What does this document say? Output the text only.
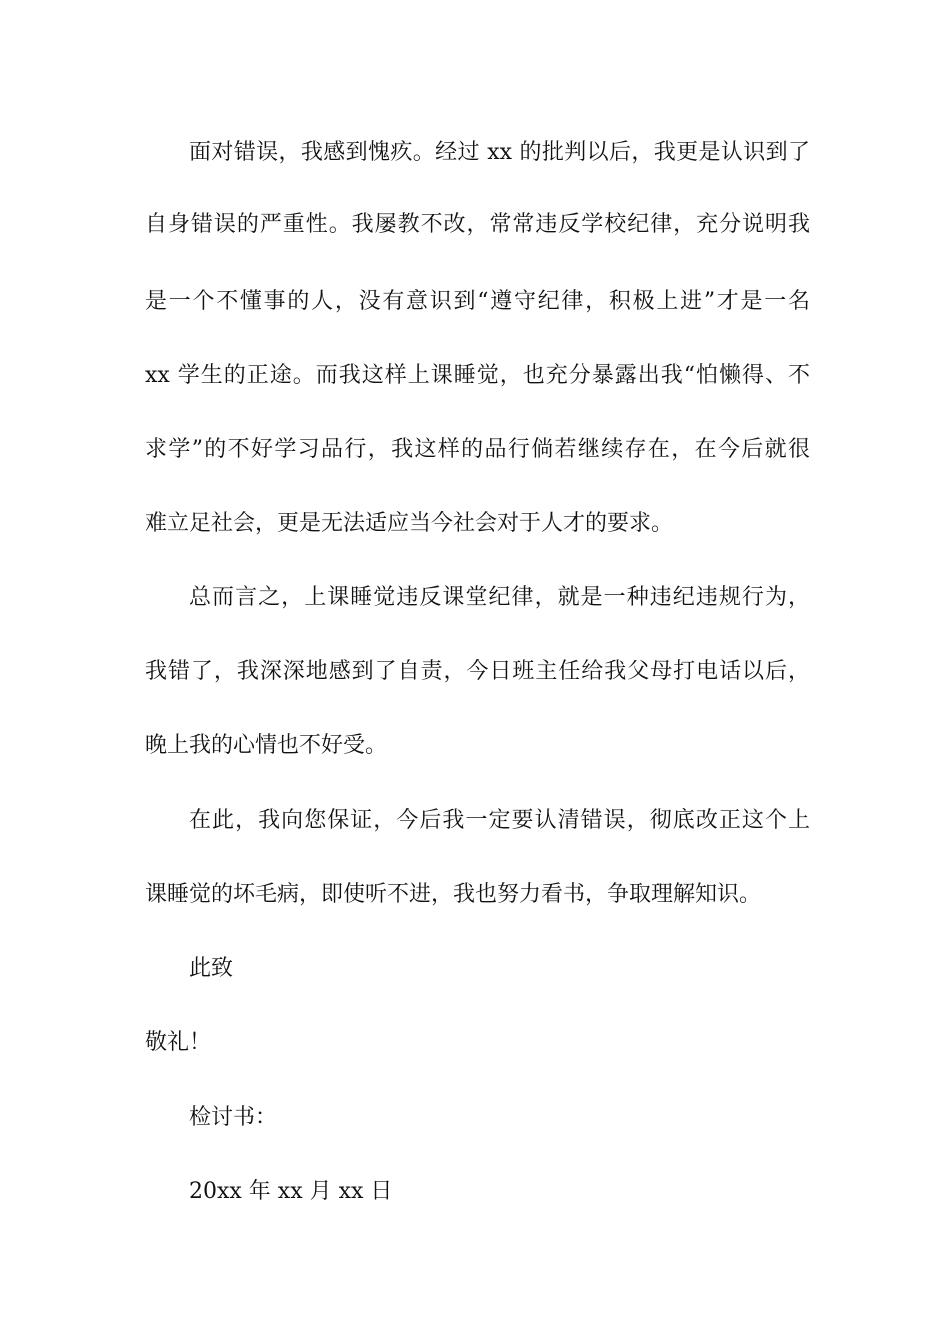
面对错误，我感到愧疚。经过 xx 的批判以后，我更是认识到了
自身错误的严重性。我屡教不改，常常违反学校纪律，充分说明我
是一个不懂事的人，没有意识到“遵守纪律，积极上进”才是一名
xx 学生的正途。而我这样上课睡觉，也充分暴露出我“怕懒得、不
求学”的不好学习品行，我这样的品行倘若继续存在，在今后就很
难立足社会，更是无法适应当今社会对于人才的要求。
总而言之，上课睡觉违反课堂纪律，就是一种违纪违规行为，
我错了，我深深地感到了自责，今日班主任给我父母打电话以后，
晚上我的心情也不好受。
在此，我向您保证，今后我一定要认清错误，彻底改正这个上
课睡觉的坏毛病，即使听不进，我也努力看书，争取理解知识。
此致
敬礼！
检讨书：
20xx 年 xx 月 xx 日
